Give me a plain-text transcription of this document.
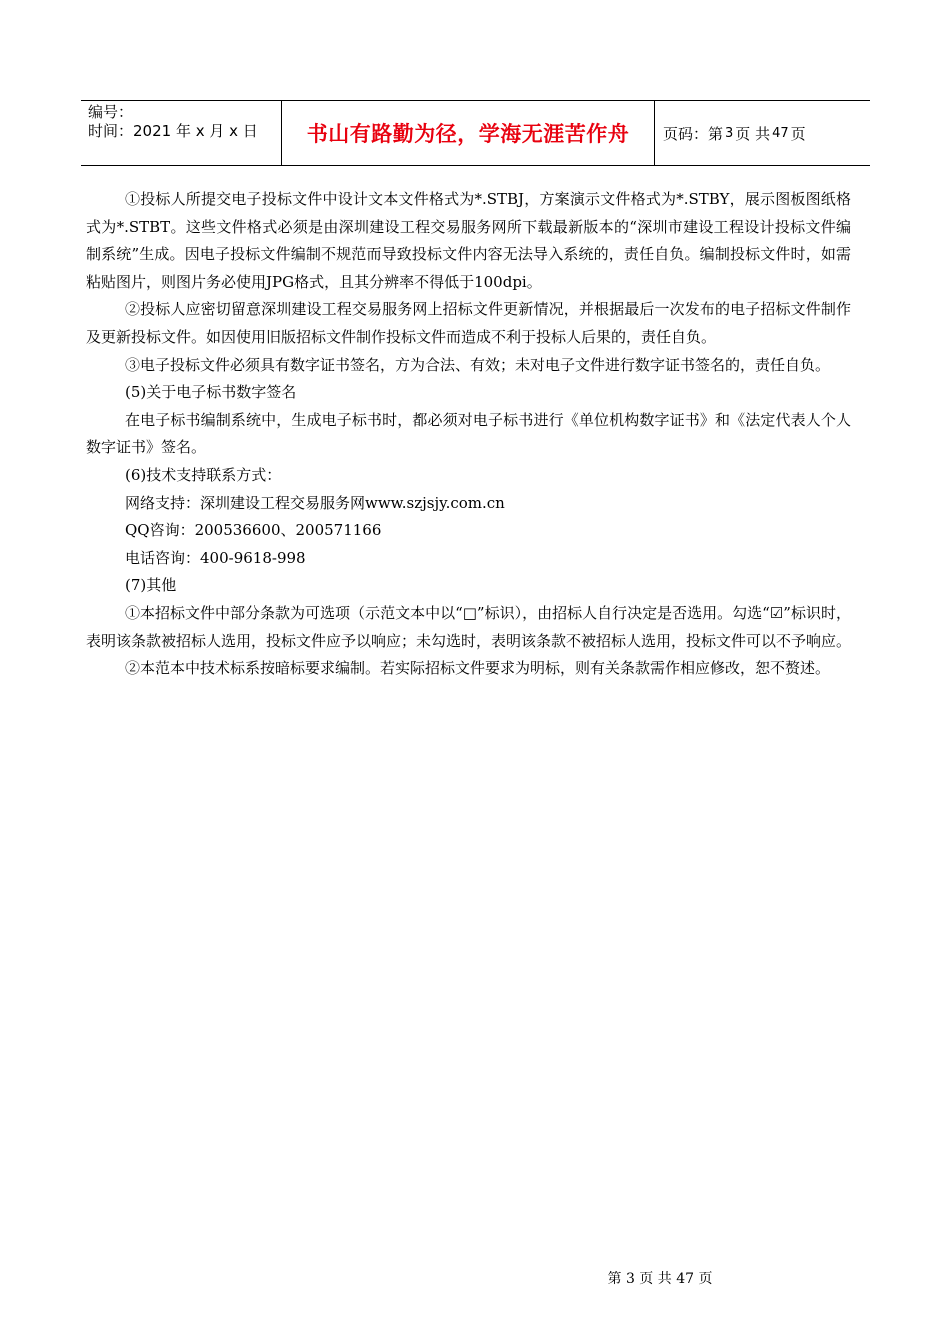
编号：
时间：2021 年 x 月 x 日	书山有路勤为径，学海无涯苦作舟	页码：第 3 页 共 47 页

①投标人所提交电子投标文件中设计文本文件格式为*.STBJ，方案演示文件格式为*.STBY，展示图板图纸格式为*.STBT。这些文件格式必须是由深圳建设工程交易服务网所下载最新版本的“深圳市建设工程设计投标文件编制系统”生成。因电子投标文件编制不规范而导致投标文件内容无法导入系统的，责任自负。编制投标文件时，如需粘贴图片，则图片务必使用JPG格式，且其分辨率不得低于100dpi。

②投标人应密切留意深圳建设工程交易服务网上招标文件更新情况，并根据最后一次发布的电子招标文件制作及更新投标文件。如因使用旧版招标文件制作投标文件而造成不利于投标人后果的，责任自负。

③电子投标文件必须具有数字证书签名，方为合法、有效；未对电子文件进行数字证书签名的，责任自负。

(5)关于电子标书数字签名

在电子标书编制系统中，生成电子标书时，都必须对电子标书进行《单位机构数字证书》和《法定代表人个人数字证书》签名。

(6)技术支持联系方式：

网络支持：深圳建设工程交易服务网www.szjsjy.com.cn

QQ咨询：200536600、200571166

电话咨询：400-9618-998

(7)其他

①本招标文件中部分条款为可选项（示范文本中以“□”标识），由招标人自行决定是否选用。勾选“☑”标识时，表明该条款被招标人选用，投标文件应予以响应；未勾选时，表明该条款不被招标人选用，投标文件可以不予响应。

②本范本中技术标系按暗标要求编制。若实际招标文件要求为明标，则有关条款需作相应修改，恕不赘述。

第 3 页 共 47 页
